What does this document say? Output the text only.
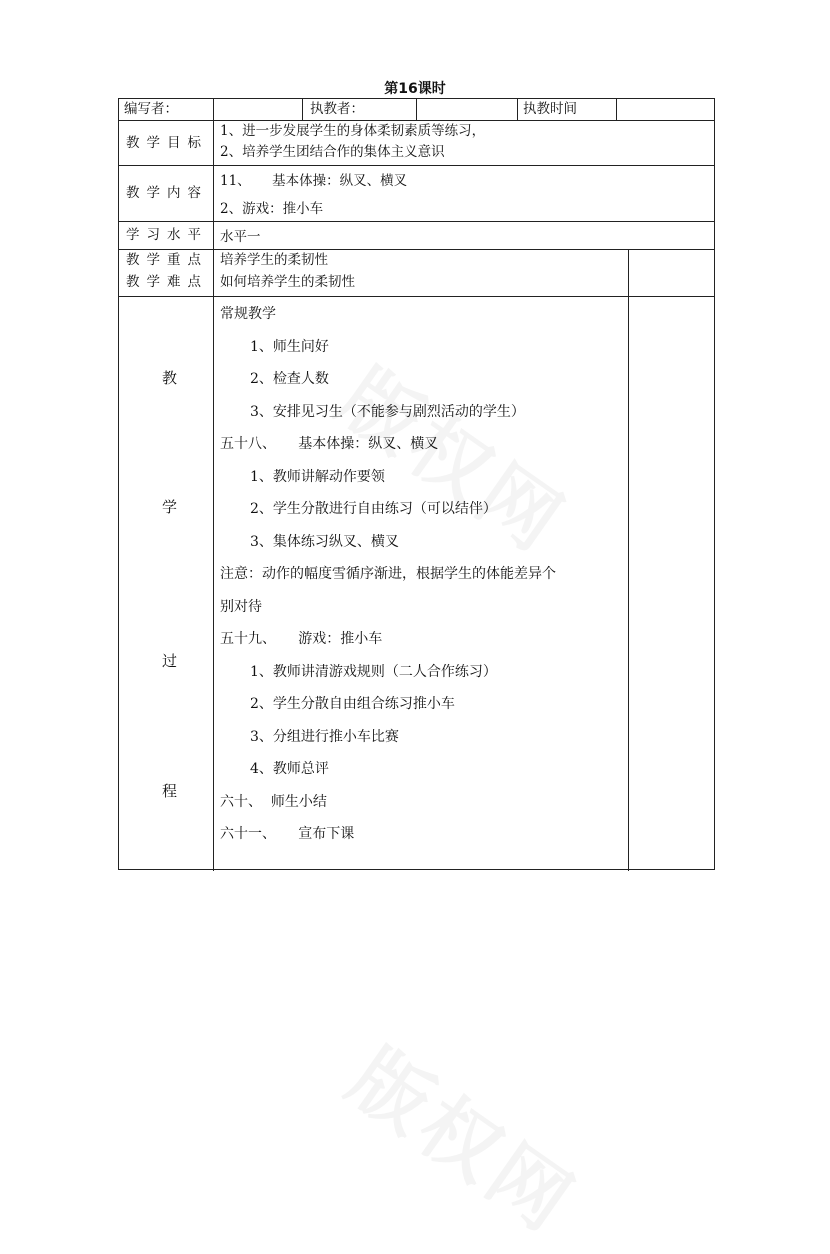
第16课时
编写者：	执教者：	执教时间
教学目标
1、进一步发展学生的身体柔韧素质等练习，
2、培养学生团结合作的集体主义意识
教学内容
11、     基本体操：纵叉、横叉
2、游戏：推小车
学习水平 水平一
教学重点 培养学生的柔韧性
教学难点 如何培养学生的柔韧性
教
学
过
程
常规教学
1、师生问好
2、检查人数
3、安排见习生（不能参与剧烈活动的学生）
五十八、     基本体操：纵叉、横叉
1、教师讲解动作要领
2、学生分散进行自由练习（可以结伴）
3、集体练习纵叉、横叉
注意：动作的幅度雪循序渐进，根据学生的体能差异个
别对待
五十九、     游戏：推小车
1、教师讲清游戏规则（二人合作练习）
2、学生分散自由组合练习推小车
3、分组进行推小车比赛
4、教师总评
六十、  师生小结
六十一、     宣布下课
